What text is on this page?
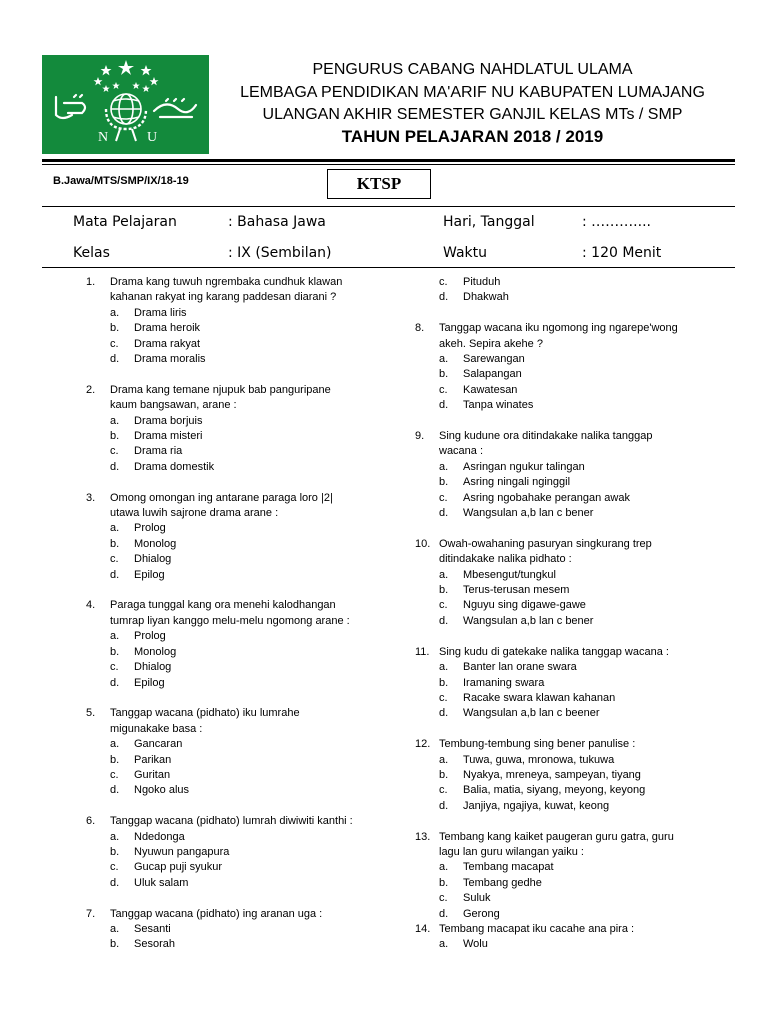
N	U
PENGURUS CABANG NAHDLATUL ULAMA
LEMBAGA PENDIDIKAN MA'ARIF NU KABUPATEN LUMAJANG
ULANGAN AKHIR SEMESTER GANJIL KELAS MTs / SMP
TAHUN PELAJARAN 2018 / 2019
B.Jawa/MTS/SMP/IX/18-19	KTSP
Mata Pelajaran	: Bahasa Jawa	Hari, Tanggal	: ………....
Kelas	: IX (Sembilan)	Waktu	: 120 Menit
1.	Drama kang tuwuh ngrembaka cundhuk klawan
kahanan rakyat ing karang paddesan diarani ?
a. Drama liris
b. Drama heroik
c. Drama rakyat
d. Drama moralis
2.	Drama kang temane njupuk bab panguripane
kaum bangsawan, arane :
a. Drama borjuis
b. Drama misteri
c. Drama ria
d. Drama domestik
3.	Omong omongan ing antarane paraga loro |2|
utawa luwih sajrone drama arane :
a. Prolog
b. Monolog
c. Dhialog
d. Epilog
4.	Paraga tunggal kang ora menehi kalodhangan
tumrap liyan kanggo melu-melu ngomong arane :
a. Prolog
b. Monolog
c. Dhialog
d. Epilog
5.	Tanggap wacana (pidhato) iku lumrahe
migunakake basa :
a. Gancaran
b. Parikan
c. Guritan
d. Ngoko alus
6.	Tanggap wacana (pidhato) lumrah diwiwiti kanthi :
a. Ndedonga
b. Nyuwun pangapura
c. Gucap puji syukur
d. Uluk salam
7.	Tanggap wacana (pidhato) ing aranan uga :
a. Sesanti
b. Sesorah
c. Pituduh
d. Dhakwah
8.	Tanggap wacana iku ngomong ing ngarepe'wong
akeh. Sepira akehe ?
a. Sarewangan
b. Salapangan
c. Kawatesan
d. Tanpa winates
9.	Sing kudune ora ditindakake nalika tanggap
wacana :
a. Asringan ngukur talingan
b. Asring ningali nginggil
c. Asring ngobahake perangan awak
d. Wangsulan a,b lan c bener
10. Owah-owahaning pasuryan singkurang trep
ditindakake nalika pidhato :
a. Mbesengut/tungkul
b. Terus-terusan mesem
c. Nguyu sing digawe-gawe
d. Wangsulan a,b lan c bener
11. Sing kudu di gatekake nalika tanggap wacana :
a. Banter lan orane swara
b. Iramaning swara
c. Racake swara klawan kahanan
d. Wangsulan a,b lan c beener
12. Tembung-tembung sing bener panulise :
a. Tuwa, guwa, mronowa, tukuwa
b. Nyakya, mreneya, sampeyan, tiyang
c. Balia, matia, siyang, meyong, keyong
d. Janjiya, ngajiya, kuwat, keong
13. Tembang kang kaiket paugeran guru gatra, guru
lagu lan guru wilangan yaiku :
a. Tembang macapat
b. Tembang gedhe
c. Suluk
d. Gerong
14. Tembang macapat iku cacahe ana pira :
a. Wolu
